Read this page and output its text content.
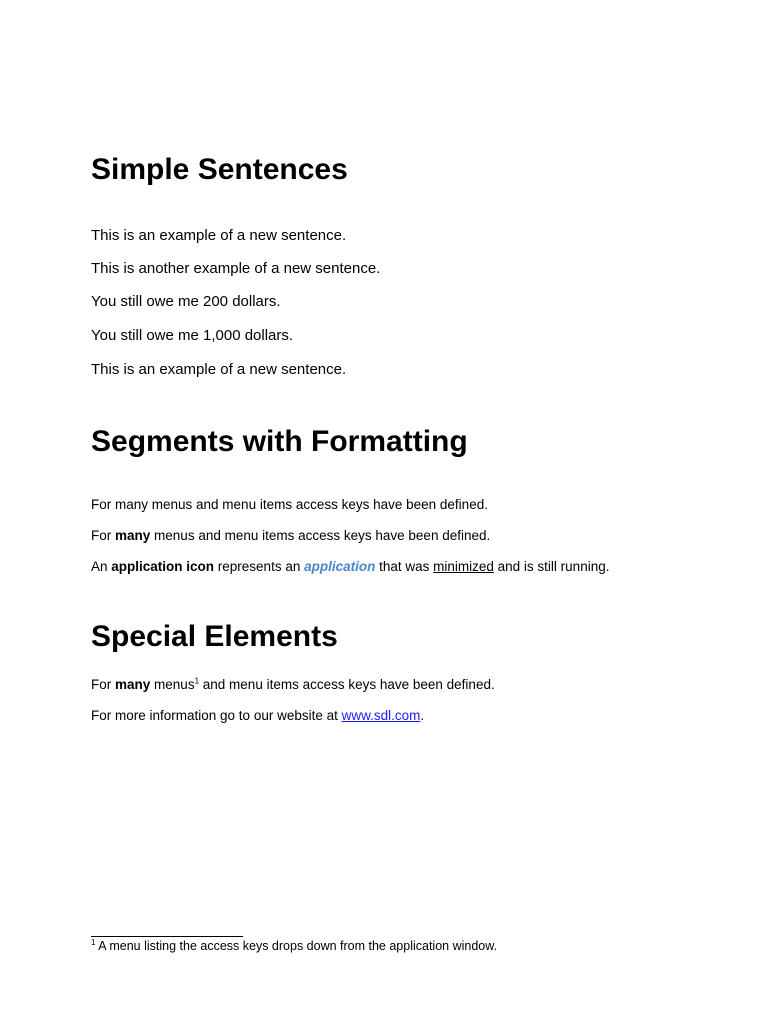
Simple Sentences

This is an example of a new sentence.

This is another example of a new sentence.

You still owe me 200 dollars.

You still owe me 1,000 dollars.

This is an example of a new sentence.

Segments with Formatting

For many menus and menu items access keys have been defined.

For many menus and menu items access keys have been defined.

An application icon represents an application that was minimized and is still running.

Special Elements

For many menus$^1$ and menu items access keys have been defined.

For more information go to our website at www.sdl.com.

$^1$ A menu listing the access keys drops down from the application window.
